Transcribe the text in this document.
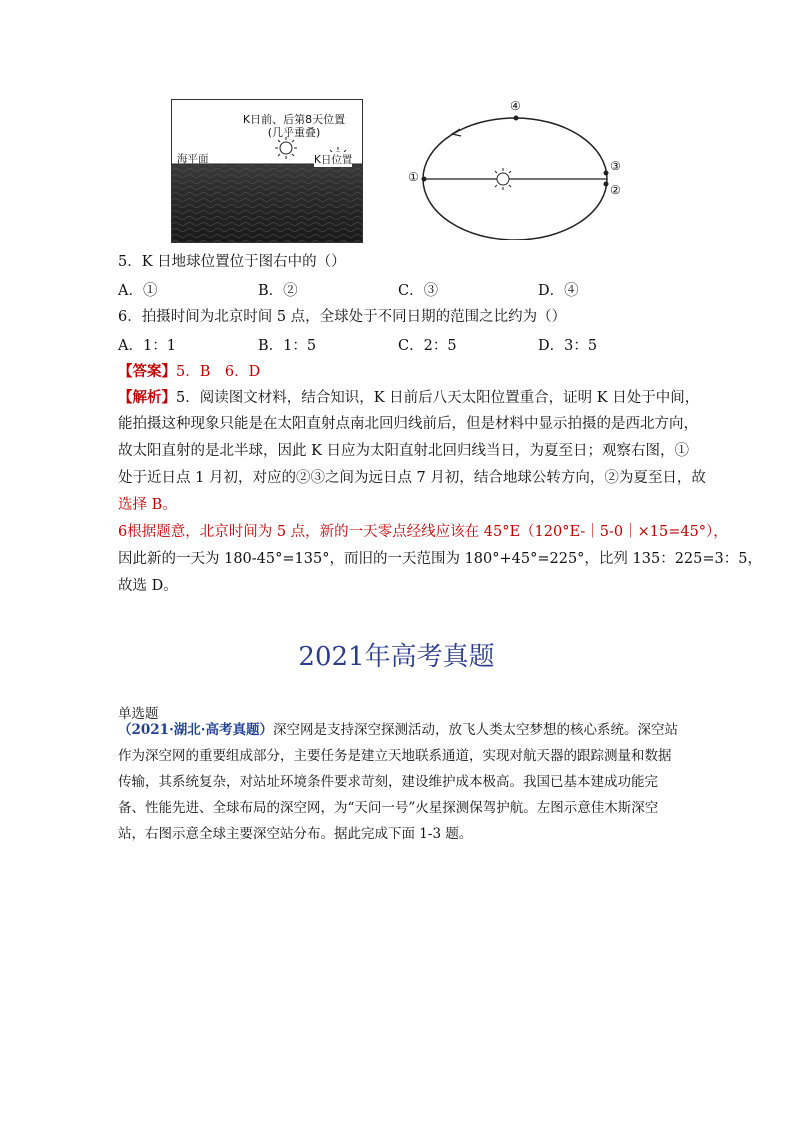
K日前、后第8天位置
(几乎重叠)
海平面	K日位置
①
②
③
④
5．K 日地球位置位于图右中的（）
A．①	B．②	C．③	D．④
6．拍摄时间为北京时间 5 点，全球处于不同日期的范围之比约为（）
A．1：1	B．1：5	C．2：5	D．3：5
【答案】5．B　6．D
【解析】5．阅读图文材料，结合知识，K 日前后八天太阳位置重合，证明 K 日处于中间，
能拍摄这种现象只能是在太阳直射点南北回归线前后，但是材料中显示拍摄的是西北方向，
故太阳直射的是北半球，因此 K 日应为太阳直射北回归线当日，为夏至日；观察右图，①
处于近日点 1 月初，对应的②③之间为远日点 7 月初，结合地球公转方向，②为夏至日，故
选择 B。
6根据题意，北京时间为 5 点，新的一天零点经线应该在 45°E（120°E-｜5-0｜×15=45°），
因此新的一天为 180-45°=135°，而旧的一天范围为 180°+45°=225°，比列 135：225=3：5，
故选 D。
2021年高考真题
单选题
（2021·湖北·高考真题）深空网是支持深空探测活动，放飞人类太空梦想的核心系统。深空站作为深空网的重要组成部分，主要任务是建立天地联系通道，实现对航天器的跟踪测量和数据传输，其系统复杂，对站址环境条件要求苛刻，建设维护成本极高。我国已基本建成功能完备、性能先进、全球布局的深空网，为“天问一号”火星探测保驾护航。左图示意佳木斯深空站，右图示意全球主要深空站分布。据此完成下面 1-3 题。
